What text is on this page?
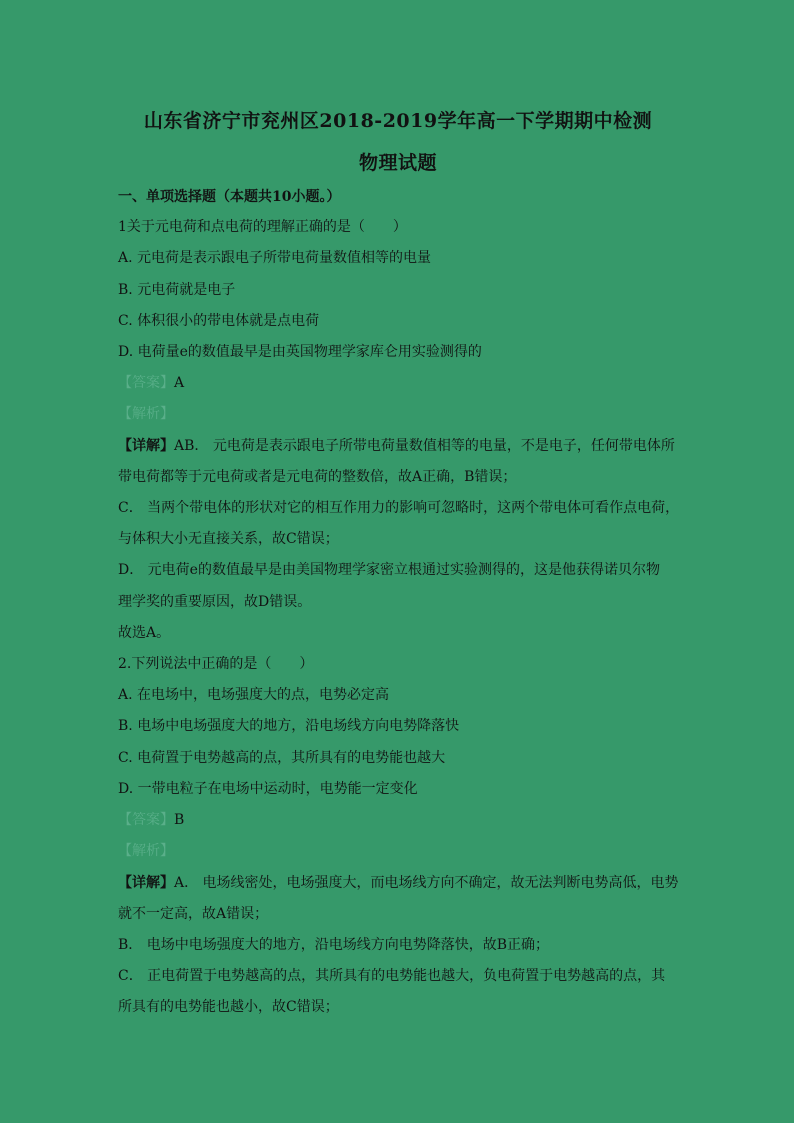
山东省济宁市兖州区2018-2019学年高一下学期期中检测
物理试题
一、单项选择题（本题共10小题。）
1关于元电荷和点电荷的理解正确的是（　　）
A. 元电荷是表示跟电子所带电荷量数值相等的电量
B. 元电荷就是电子
C. 体积很小的带电体就是点电荷
D. 电荷量e的数值最早是由英国物理学家库仑用实验测得的
【答案】A
【解析】
【详解】AB． 元电荷是表示跟电子所带电荷量数值相等的电量，不是电子，任何带电体所
带电荷都等于元电荷或者是元电荷的整数倍，故A正确，B错误；
C． 当两个带电体的形状对它的相互作用力的影响可忽略时，这两个带电体可看作点电荷，
与体积大小无直接关系，故C错误；
D． 元电荷e的数值最早是由美国物理学家密立根通过实验测得的，这是他获得诺贝尔物
理学奖的重要原因，故D错误。
故选A。
2.下列说法中正确的是（　　）
A. 在电场中，电场强度大的点，电势必定高
B. 电场中电场强度大的地方，沿电场线方向电势降落快
C. 电荷置于电势越高的点，其所具有的电势能也越大
D. 一带电粒子在电场中运动时，电势能一定变化
【答案】B
【解析】
【详解】A． 电场线密处，电场强度大，而电场线方向不确定，故无法判断电势高低，电势
就不一定高，故A错误；
B． 电场中电场强度大的地方，沿电场线方向电势降落快，故B正确；
C． 正电荷置于电势越高的点，其所具有的电势能也越大，负电荷置于电势越高的点，其
所具有的电势能也越小，故C错误；
